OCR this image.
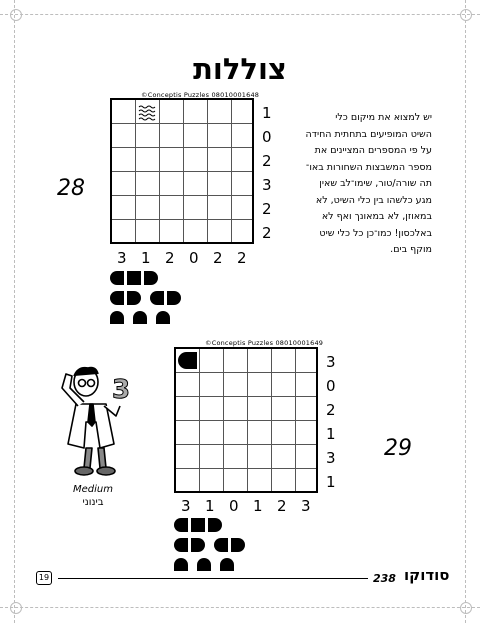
צוללות
©Conceptis Puzzles 08010001648
1
0
2
3
2
2
3 1 2 0 2 2
28
יש למצוא את מיקום כלי
השיט המופיעים בתחתית החידה
על פי המספרים המציינים את
מספר המשבצות השחורות באו־
תה שורה/טור, שימו־לב שאין
מגע כלשהו בין כלי השיט, לא
במאוזן, לא במאונך ואף לא
באלכסון! כמו־כן כל כלי שיט
מוקף בים.
©Conceptis Puzzles 08010001649
3
0
2
1
3
1
3 1 0 1 2 3
29
3
Medium
בינוני
19	238 סודוקו
